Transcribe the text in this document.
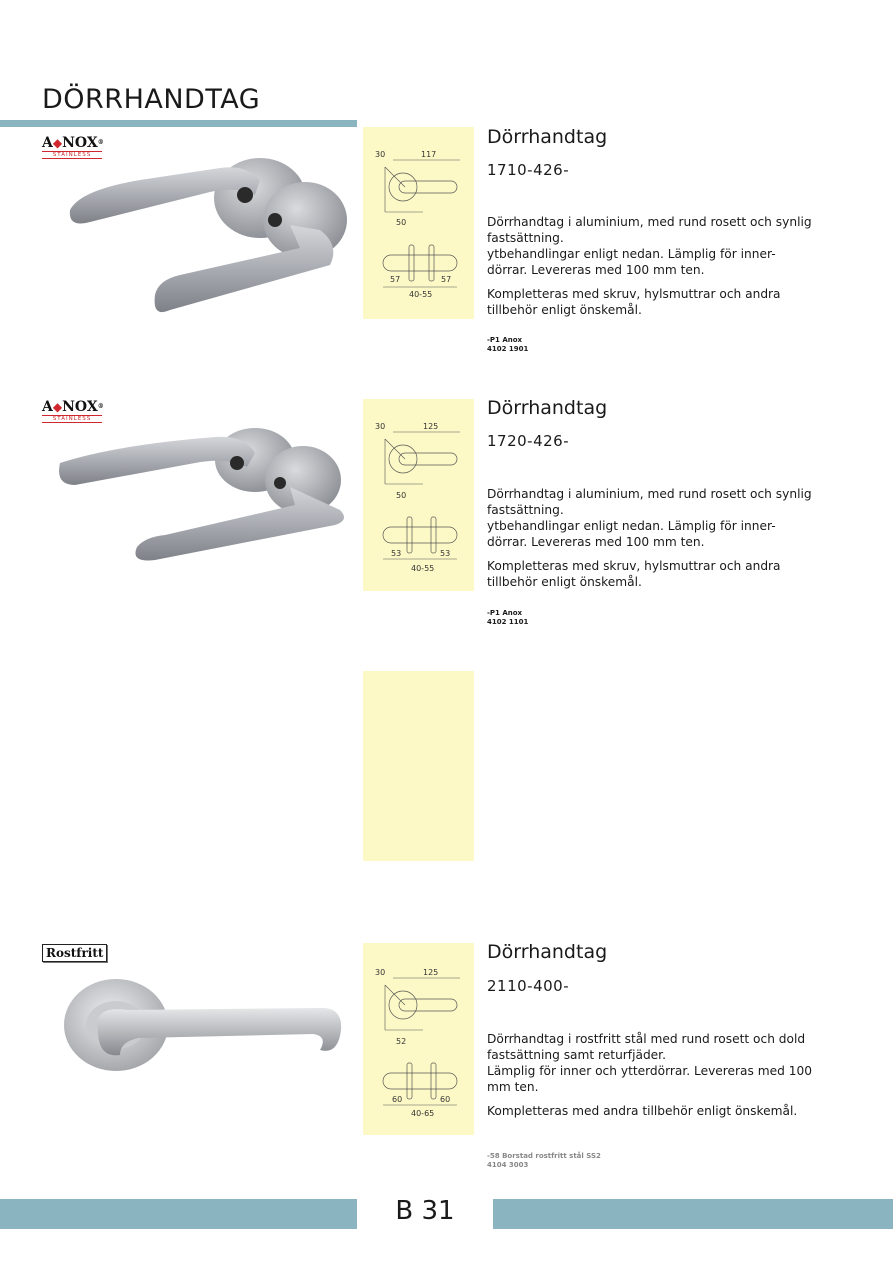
DÖRRHANDTAG
A◆NOX®
STAINLESS	30	117
50
57	57
40-55
Dörrhandtag
1710-426-

Dörrhandtag i aluminium, med rund rosett och synlig fastsättning.
ytbehandlingar enligt nedan. Lämplig för inner-dörrar. Levereras med 100 mm ten.

Kompletteras med skruv, hylsmuttrar och andra tillbehör enligt önskemål.

-P1 Anox
4102 1901
A◆NOX®
STAINLESS
30	125
50
53	53
40-55
Dörrhandtag
1720-426-

Dörrhandtag i aluminium, med rund rosett och synlig fastsättning.
ytbehandlingar enligt nedan. Lämplig för inner-dörrar. Levereras med 100 mm ten.

Kompletteras med skruv, hylsmuttrar och andra tillbehör enligt önskemål.

-P1 Anox
4102 1101
Rostfritt
30	125
52
60	60
40-65
Dörrhandtag
2110-400-

Dörrhandtag i rostfritt stål med rund rosett och dold fastsättning samt returfjäder.
Lämplig för inner och ytterdörrar. Levereras med 100 mm ten.

Kompletteras med andra tillbehör enligt önskemål.

-58 Borstad rostfritt stål SS2
4104 3003
B 31
